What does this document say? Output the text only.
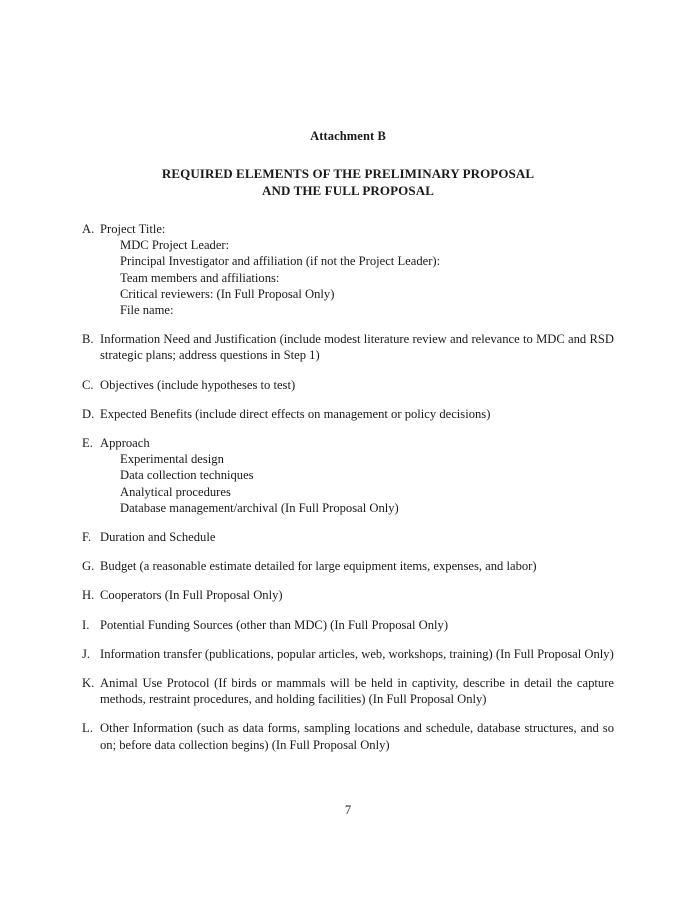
Attachment B
REQUIRED ELEMENTS OF THE PRELIMINARY PROPOSAL
AND THE FULL PROPOSAL
A. Project Title:
MDC Project Leader:
Principal Investigator and affiliation (if not the Project Leader):
Team members and affiliations:
Critical reviewers: (In Full Proposal Only)
File name:
B. Information Need and Justification (include modest literature review and relevance to MDC and RSD strategic plans; address questions in Step 1)
C. Objectives (include hypotheses to test)
D. Expected Benefits (include direct effects on management or policy decisions)
E. Approach
Experimental design
Data collection techniques
Analytical procedures
Database management/archival (In Full Proposal Only)
F. Duration and Schedule
G. Budget (a reasonable estimate detailed for large equipment items, expenses, and labor)
H. Cooperators (In Full Proposal Only)
I. Potential Funding Sources (other than MDC) (In Full Proposal Only)
J. Information transfer (publications, popular articles, web, workshops, training) (In Full Proposal Only)
K. Animal Use Protocol (If birds or mammals will be held in captivity, describe in detail the capture methods, restraint procedures, and holding facilities) (In Full Proposal Only)
L. Other Information (such as data forms, sampling locations and schedule, database structures, and so on; before data collection begins) (In Full Proposal Only)
7
